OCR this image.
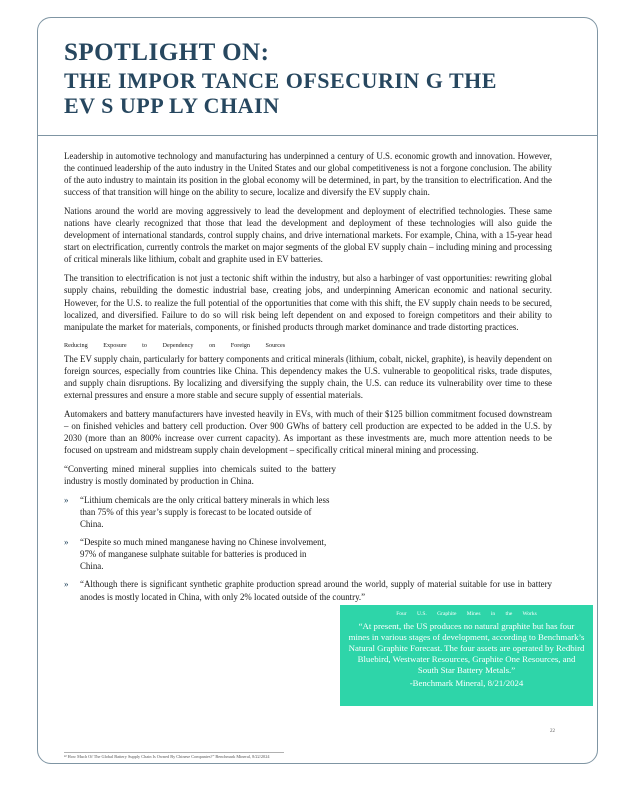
SPOTLIGHT ON:
THE IMPOR TANCE OFSECURIN G THE
EV S UPP LY CHAIN

Leadership in automotive technology and manufacturing has underpinned a century of U.S. economic growth and innovation. However, the continued leadership of the auto industry in the United States and our global competitiveness is not a forgone conclusion. The ability of the auto industry to maintain its position in the global economy will be determined, in part, by the transition to electrification. And the success of that transition will hinge on the ability to secure, localize and diversify the EV supply chain.

Nations around the world are moving aggressively to lead the development and deployment of electrified technologies. These same nations have clearly recognized that those that lead the development and deployment of these technologies will also guide the development of international standards, control supply chains, and drive international markets. For example, China, with a 15-year head start on electrification, currently controls the market on major segments of the global EV supply chain – including mining and processing of critical minerals like lithium, cobalt and graphite used in EV batteries.

The transition to electrification is not just a tectonic shift within the industry, but also a harbinger of vast opportunities: rewriting global supply chains, rebuilding the domestic industrial base, creating jobs, and underpinning American economic and national security. However, for the U.S. to realize the full potential of the opportunities that come with this shift, the EV supply chain needs to be secured, localized, and diversified. Failure to do so will risk being left dependent on and exposed to foreign competitors and their ability to manipulate the market for materials, components, or finished products through market dominance and trade distorting practices.

Reducing Exposure to Dependency on Foreign Sources

The EV supply chain, particularly for battery components and critical minerals (lithium, cobalt, nickel, graphite), is heavily dependent on foreign sources, especially from countries like China. This dependency makes the U.S. vulnerable to geopolitical risks, trade disputes, and supply chain disruptions. By localizing and diversifying the supply chain, the U.S. can reduce its vulnerability over time to these external pressures and ensure a more stable and secure supply of essential materials.

Automakers and battery manufacturers have invested heavily in EVs, with much of their $125 billion commitment focused downstream – on finished vehicles and battery cell production. Over 900 GWhs of battery cell production are expected to be added in the U.S. by 2030 (more than an 800% increase over current capacity). As important as these investments are, much more attention needs to be focused on upstream and midstream supply chain development – specifically critical mineral mining and processing.

“Converting mined mineral supplies into chemicals suited to the battery industry is mostly dominated by production in China.

»	“Lithium chemicals are the only critical battery minerals in which less than 75% of this year’s supply is forecast to be located outside of China.
»	“Despite so much mined manganese having no Chinese involvement, 97% of manganese sulphate suitable for batteries is produced in China.
»	“Although there is significant synthetic graphite production spread around the world, supply of material suitable for use in battery anodes is mostly located in China, with only 2% located outside of the country.”
Four U.S. Graphite Mines in the Works
“At present, the US produces no natural graphite but has four mines in various stages of development, according to Benchmark’s Natural Graphite Forecast. The four assets are operated by Redbird Bluebird, Westwater Resources, Graphite One Resources, and South Star Battery Metals.”
-Benchmark Mineral, 8/21/2024
22
²² How Much Of The Global Battery Supply Chain Is Owned By Chinese Companies?” Benchmark Mineral, 8/22/2024
